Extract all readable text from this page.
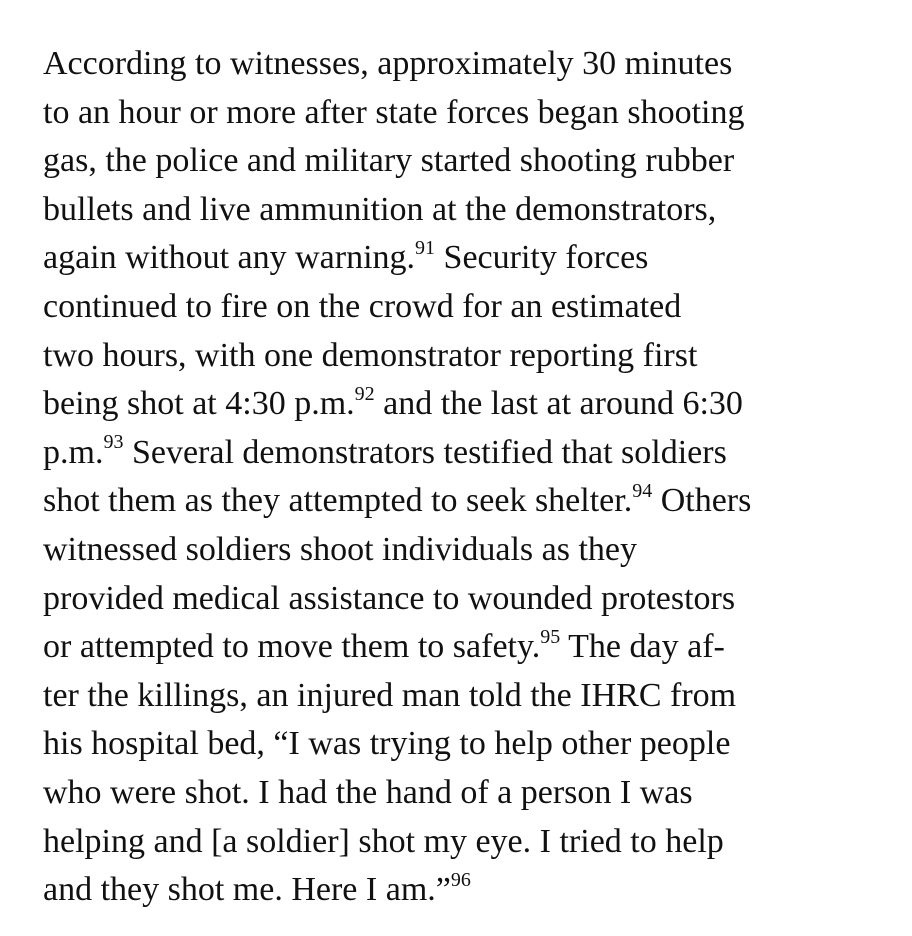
According to witnesses, approximately 30 minutes
to an hour or more after state forces began shooting
gas, the police and military started shooting rubber
bullets and live ammunition at the demonstrators,
again without any warning.$^{91}$ Security forces
continued to fire on the crowd for an estimated
two hours, with one demonstrator reporting first
being shot at 4:30 p.m.$^{92}$ and the last at around 6:30
p.m.$^{93}$ Several demonstrators testified that soldiers
shot them as they attempted to seek shelter.$^{94}$ Others
witnessed soldiers shoot individuals as they
provided medical assistance to wounded protestors
or attempted to move them to safety.$^{95}$ The day af-
ter the killings, an injured man told the IHRC from
his hospital bed, “I was trying to help other people
who were shot. I had the hand of a person I was
helping and [a soldier] shot my eye. I tried to help
and they shot me. Here I am.”$^{96}$
